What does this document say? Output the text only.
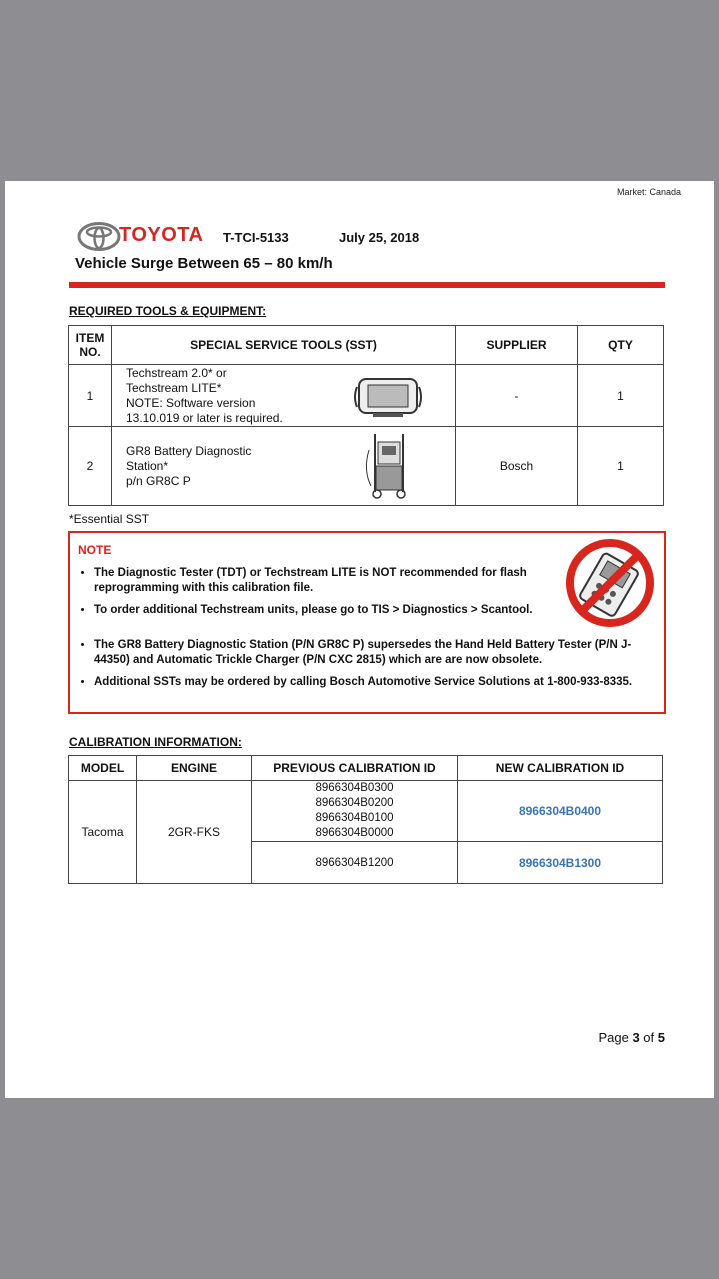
Market: Canada
TOYOTA T-TCI-5133	July 25, 2018
Vehicle Surge Between 65 – 80 km/h
REQUIRED TOOLS & EQUIPMENT:
ITEM NO.	SPECIAL SERVICE TOOLS (SST)	SUPPLIER	QTY
1	Techstream 2.0* or
Techstream LITE*
NOTE: Software version
13.10.019 or later is required.	-	1
2	GR8 Battery Diagnostic
Station*
p/n GR8C P	Bosch	1
*Essential SST
NOTE
• The Diagnostic Tester (TDT) or Techstream LITE is NOT recommended for flash reprogramming with this calibration file.
• To order additional Techstream units, please go to TIS > Diagnostics > Scantool.
• The GR8 Battery Diagnostic Station (P/N GR8C P) supersedes the Hand Held Battery Tester (P/N J-44350) and Automatic Trickle Charger (P/N CXC 2815) which are are now obsolete.
• Additional SSTs may be ordered by calling Bosch Automotive Service Solutions at 1-800-933-8335.
CALIBRATION INFORMATION:
MODEL	ENGINE	PREVIOUS CALIBRATION ID	NEW CALIBRATION ID
Tacoma	2GR-FKS	8966304B0300
8966304B0200
8966304B0100
8966304B0000	8966304B0400
		8966304B1200	8966304B1300
Page 3 of 5
